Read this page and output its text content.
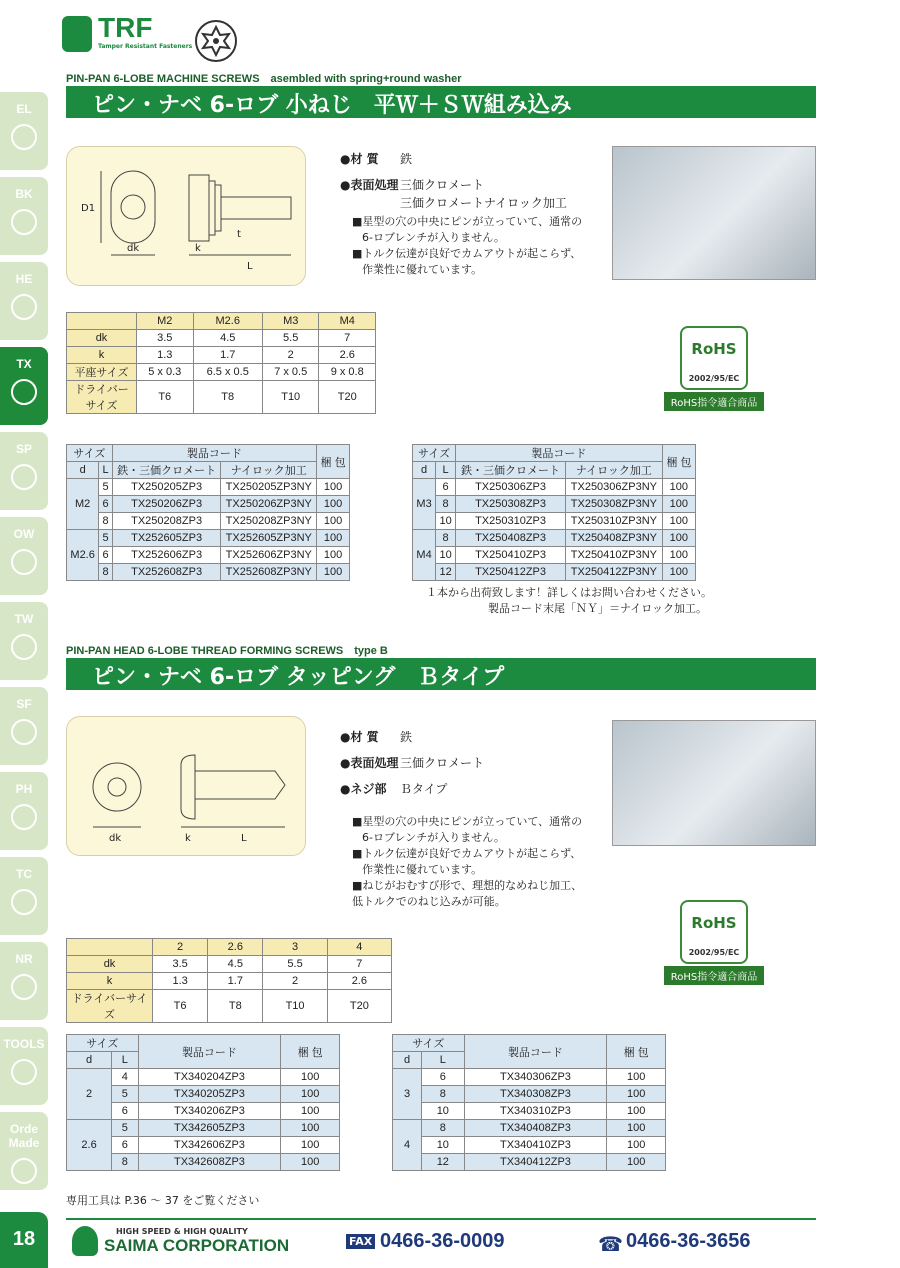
TRF
Tamper Resistant Fasteners
EL
BK
HE
TX
SP
OW
TW
SF
PH
TC
NR
TOOLS
Orde Made
PIN-PAN 6-LOBE MACHINE SCREWS　asembled with spring+round washer
ピン・ナベ 6-ロブ 小ねじ　平Ｗ＋ＳＷ組み込み
D1
dk	k
t
L
●材 質 鉄
●表面処理 三価クロメート
三価クロメートナイロック加工
■星型の穴の中央にピンが立っていて、通常の
6-ロブレンチが入りません。
■トルク伝達が良好でカムアウトが起こらず、
作業性に優れています。
	M2	M2.6	M3	M4
dk	3.5	4.5	5.5	7
k	1.3	1.7	2	2.6
平座サイズ	5 x 0.3	6.5 x 0.5	7 x 0.5	9 x 0.8
ドライバーサイズ	T6	T8	T10	T20
RoHS
2002/95/EC
RoHS指令適合商品
サイズ		製品コード		梱 包
d	L	鉄・三価クロメート	ナイロック加工	
M2	5	TX250205ZP3	TX250205ZP3NY	100
	6	TX250206ZP3	TX250206ZP3NY	100
	8	TX250208ZP3	TX250208ZP3NY	100
M2.6	5	TX252605ZP3	TX252605ZP3NY	100
	6	TX252606ZP3	TX252606ZP3NY	100
	8	TX252608ZP3	TX252608ZP3NY	100
サイズ		製品コード		梱 包
d	L	鉄・三価クロメート	ナイロック加工	
M3	6	TX250306ZP3	TX250306ZP3NY	100
	8	TX250308ZP3	TX250308ZP3NY	100
	10	TX250310ZP3	TX250310ZP3NY	100
M4	8	TX250408ZP3	TX250408ZP3NY	100
	10	TX250410ZP3	TX250410ZP3NY	100
	12	TX250412ZP3	TX250412ZP3NY	100
１本から出荷致します！詳しくはお問い合わせください。
製品コード末尾「ＮＹ」＝ナイロック加工。
PIN-PAN HEAD 6-LOBE THREAD FORMING SCREWS　type B
ピン・ナベ 6-ロブ タッピング　Ｂタイプ
dk	k	L
●材 質 鉄
●表面処理 三価クロメート
●ネジ部 Ｂタイプ
■星型の穴の中央にピンが立っていて、通常の
6-ロブレンチが入りません。
■トルク伝達が良好でカムアウトが起こらず、
作業性に優れています。
■ねじがおむすび形で、理想的なめねじ加工、
低トルクでのねじ込みが可能。
	2	2.6	3	4
dk	3.5	4.5	5.5	7
k	1.3	1.7	2	2.6
ドライバーサイズ	T6	T8	T10	T20
RoHS
2002/95/EC
RoHS指令適合商品
サイズ		製品コード	梱 包
d	L		
2	4	TX340204ZP3	100
	5	TX340205ZP3	100
	6	TX340206ZP3	100
2.6	5	TX342605ZP3	100
	6	TX342606ZP3	100
	8	TX342608ZP3	100
サイズ		製品コード	梱 包
d	L		
3	6	TX340306ZP3	100
	8	TX340308ZP3	100
	10	TX340310ZP3	100
4	8	TX340408ZP3	100
	10	TX340410ZP3	100
	12	TX340412ZP3	100
専用工具は P.36 ～ 37 をご覧ください
18	HIGH SPEED & HIGH QUALITY
SAIMA CORPORATION	FAX 0466-36-0009	☎ 0466-36-3656
